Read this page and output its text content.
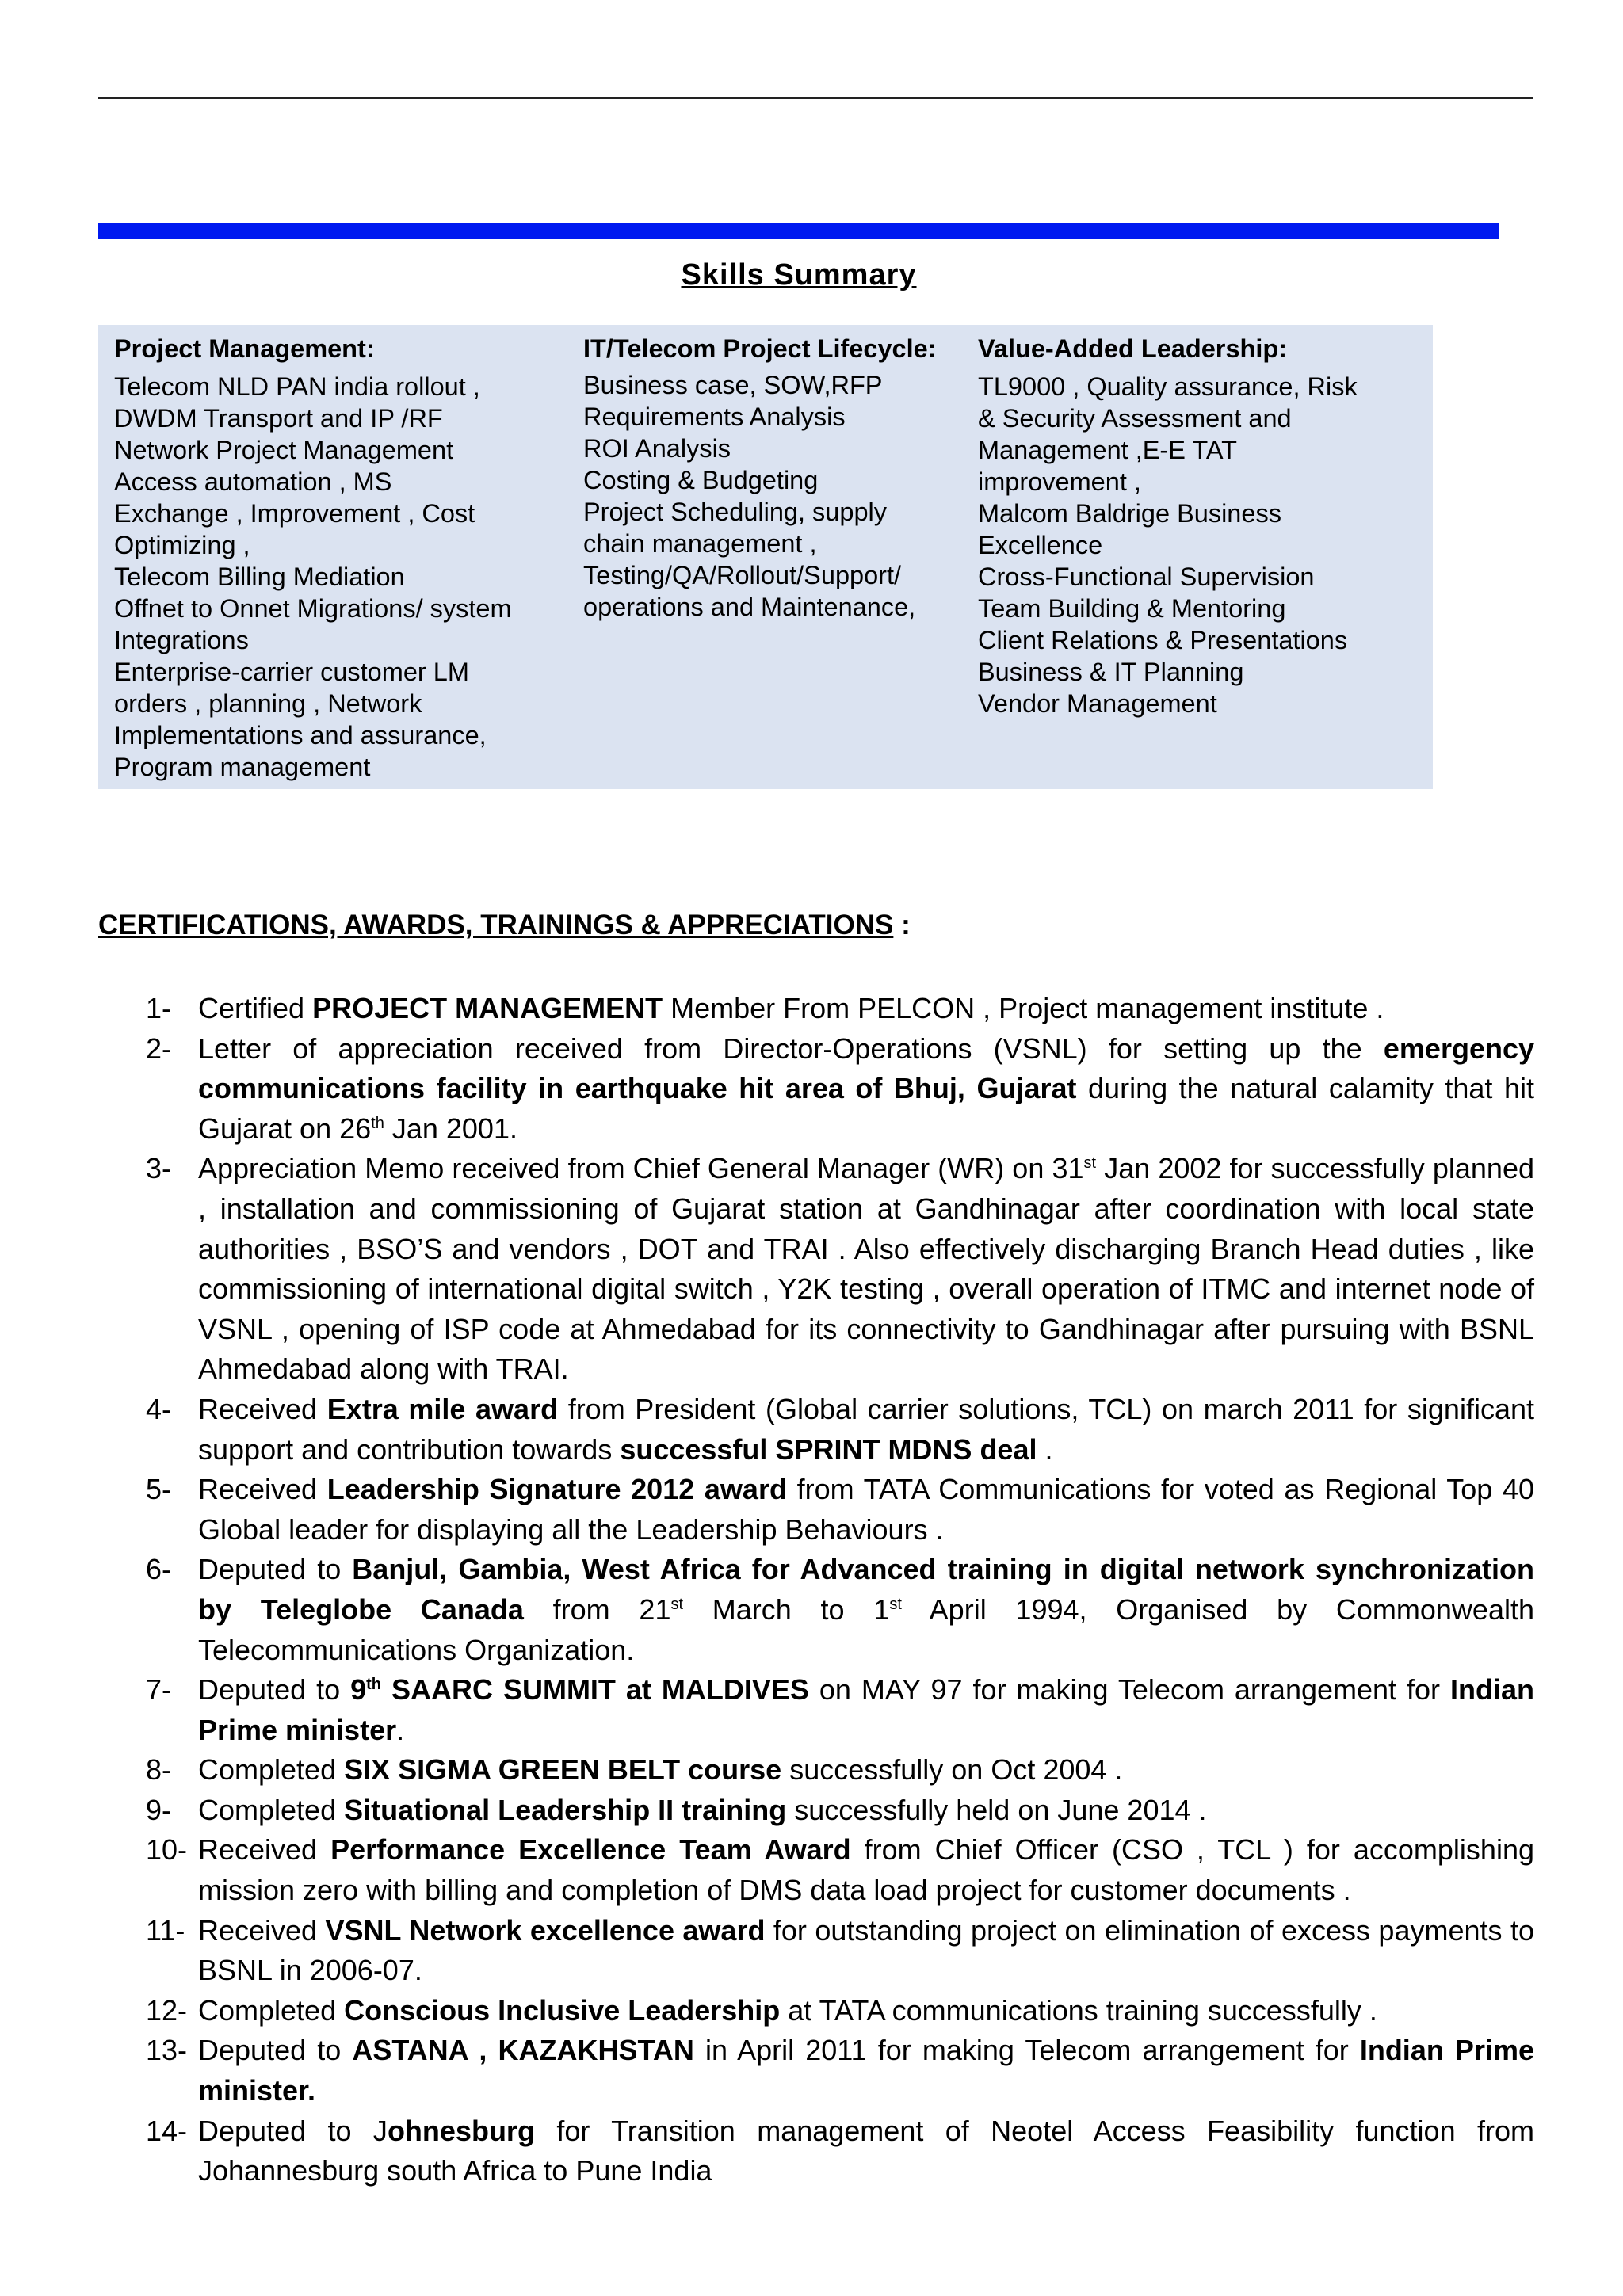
Skills Summary
Project Management:
Telecom NLD PAN india rollout ,
DWDM Transport and IP /RF
Network Project Management
Access automation , MS
Exchange , Improvement , Cost
Optimizing ,
Telecom Billing Mediation
Offnet to Onnet Migrations/ system
Integrations
Enterprise-carrier customer LM
orders , planning , Network
Implementations and assurance,
Program management
IT/Telecom Project Lifecycle:
Business case, SOW,RFP
Requirements Analysis
ROI Analysis
Costing & Budgeting
Project Scheduling, supply
chain management ,
Testing/QA/Rollout/Support/
operations and Maintenance,
Value-Added Leadership:
TL9000 , Quality assurance, Risk
& Security Assessment and
Management ,E-E TAT
improvement ,
Malcom Baldrige Business
Excellence
Cross-Functional Supervision
Team Building & Mentoring
Client Relations & Presentations
Business & IT Planning
Vendor Management
CERTIFICATIONS, AWARDS, TRAININGS & APPRECIATIONS :
1- Certified PROJECT MANAGEMENT Member From PELCON , Project management institute .
2- Letter of appreciation received from Director-Operations (VSNL) for setting up the emergency communications facility in earthquake hit area of Bhuj, Gujarat during the natural calamity that hit Gujarat on 26th Jan 2001.
3- Appreciation Memo received from Chief General Manager (WR) on 31st Jan 2002 for successfully planned , installation and commissioning of Gujarat station at Gandhinagar after coordination with local state authorities , BSO’S and vendors , DOT and TRAI . Also effectively discharging Branch Head duties , like commissioning of international digital switch , Y2K testing , overall operation of ITMC and internet node of VSNL , opening of ISP code at Ahmedabad for its connectivity to Gandhinagar after pursuing with BSNL Ahmedabad along with TRAI.
4- Received Extra mile award from President (Global carrier solutions, TCL) on march 2011 for significant support and contribution towards successful SPRINT MDNS deal .
5- Received Leadership Signature 2012 award from TATA Communications for voted as Regional Top 40 Global leader for displaying all the Leadership Behaviours .
6- Deputed to Banjul, Gambia, West Africa for Advanced training in digital network synchronization by Teleglobe Canada from 21st March to 1st April 1994, Organised by Commonwealth Telecommunications Organization.
7- Deputed to 9th SAARC SUMMIT at MALDIVES on MAY 97 for making Telecom arrangement for Indian Prime minister.
8- Completed SIX SIGMA GREEN BELT course successfully on Oct 2004 .
9- Completed Situational Leadership II training successfully held on June 2014 .
10- Received Performance Excellence Team Award from Chief Officer (CSO , TCL ) for accomplishing mission zero with billing and completion of DMS data load project for customer documents .
11- Received VSNL Network excellence award for outstanding project on elimination of excess payments to BSNL in 2006-07.
12- Completed Conscious Inclusive Leadership at TATA communications training successfully .
13- Deputed to ASTANA , KAZAKHSTAN in April 2011 for making Telecom arrangement for Indian Prime minister.
14- Deputed to Johnesburg for Transition management of Neotel Access Feasibility function from Johannesburg south Africa to Pune India
